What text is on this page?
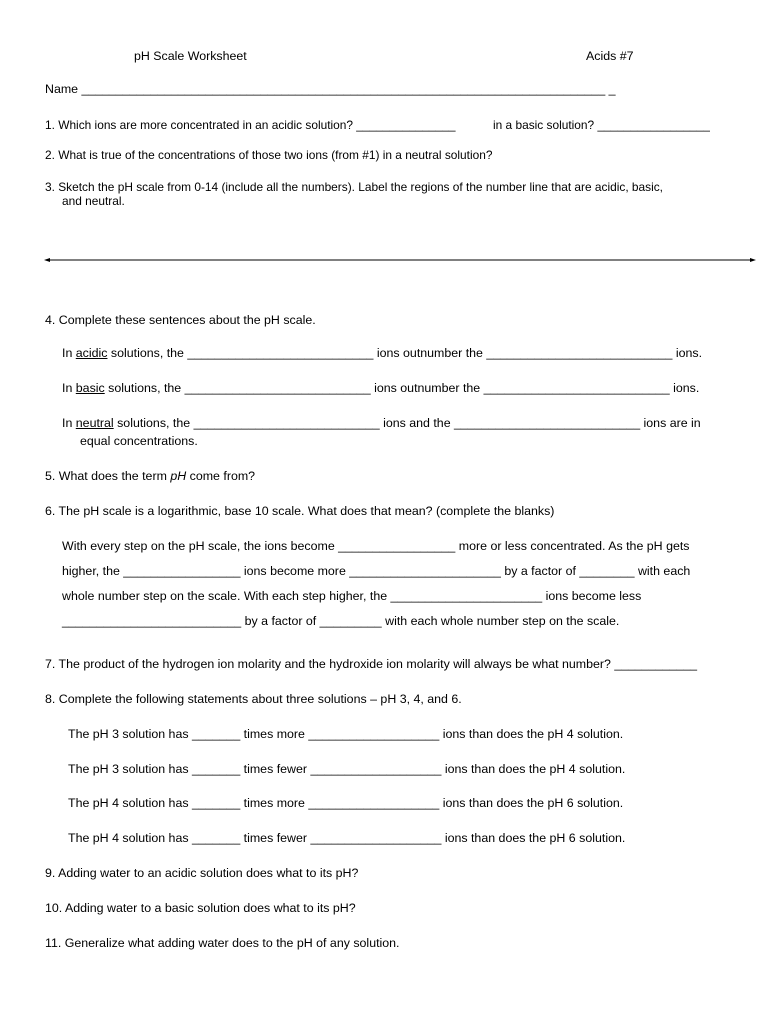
pH Scale Worksheet	Acids #7
Name ____________________________________________________________________________ _
1. Which ions are more concentrated in an acidic solution? _______________	in a basic solution? _________________
2. What is true of the concentrations of those two ions (from #1) in a neutral solution?
3. Sketch the pH scale from 0-14 (include all the numbers). Label the regions of the number line that are acidic, basic,
and neutral.
4. Complete these sentences about the pH scale.
In acidic solutions, the ___________________________ ions outnumber the ___________________________ ions.
In basic solutions, the ___________________________ ions outnumber the ___________________________ ions.
In neutral solutions, the ___________________________ ions and the ___________________________ ions are in
equal concentrations.
5. What does the term pH come from?
6. The pH scale is a logarithmic, base 10 scale. What does that mean? (complete the blanks)
With every step on the pH scale, the ions become _________________ more or less concentrated. As the pH gets
higher, the _________________ ions become more ______________________ by a factor of ________ with each
whole number step on the scale. With each step higher, the ______________________ ions become less
__________________________ by a factor of _________ with each whole number step on the scale.
7. The product of the hydrogen ion molarity and the hydroxide ion molarity will always be what number? ____________
8. Complete the following statements about three solutions – pH 3, 4, and 6.
The pH 3 solution has _______ times more ___________________ ions than does the pH 4 solution.
The pH 3 solution has _______ times fewer ___________________ ions than does the pH 4 solution.
The pH 4 solution has _______ times more ___________________ ions than does the pH 6 solution.
The pH 4 solution has _______ times fewer ___________________ ions than does the pH 6 solution.
9. Adding water to an acidic solution does what to its pH?
10. Adding water to a basic solution does what to its pH?
11. Generalize what adding water does to the pH of any solution.
